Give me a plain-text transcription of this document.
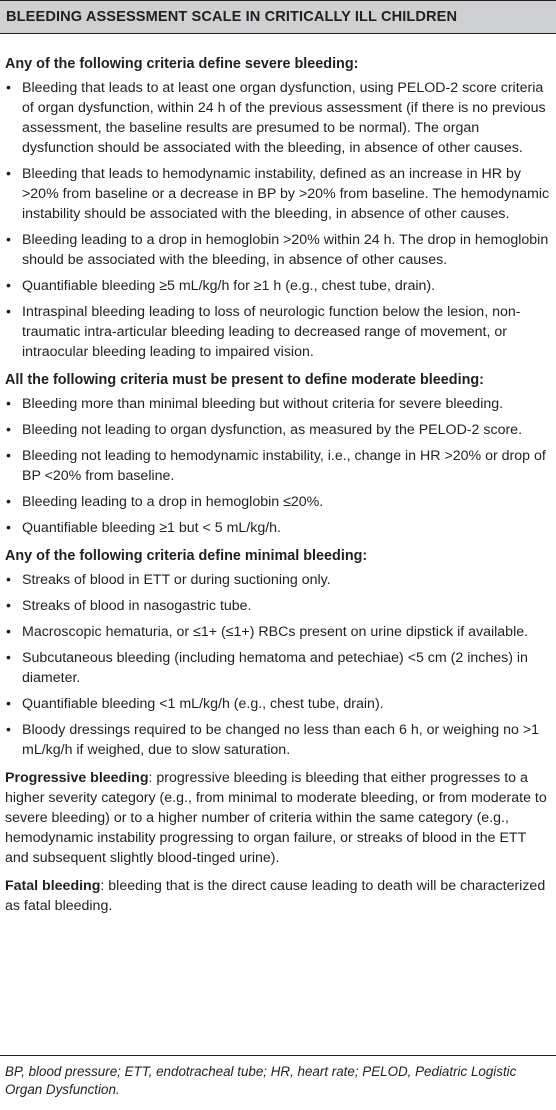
BLEEDING ASSESSMENT SCALE IN CRITICALLY ILL CHILDREN
Any of the following criteria define severe bleeding:
• Bleeding that leads to at least one organ dysfunction, using PELOD-2 score criteria of organ dysfunction, within 24 h of the previous assessment (if there is no previous assessment, the baseline results are presumed to be normal). The organ dysfunction should be associated with the bleeding, in absence of other causes.
• Bleeding that leads to hemodynamic instability, defined as an increase in HR by >20% from baseline or a decrease in BP by >20% from baseline. The hemodynamic instability should be associated with the bleeding, in absence of other causes.
• Bleeding leading to a drop in hemoglobin >20% within 24 h. The drop in hemoglobin should be associated with the bleeding, in absence of other causes.
• Quantifiable bleeding ≥5 mL/kg/h for ≥1 h (e.g., chest tube, drain).
• Intraspinal bleeding leading to loss of neurologic function below the lesion, non-traumatic intra-articular bleeding leading to decreased range of movement, or intraocular bleeding leading to impaired vision.
All the following criteria must be present to define moderate bleeding:
• Bleeding more than minimal bleeding but without criteria for severe bleeding.
• Bleeding not leading to organ dysfunction, as measured by the PELOD-2 score.
• Bleeding not leading to hemodynamic instability, i.e., change in HR >20% or drop of BP <20% from baseline.
• Bleeding leading to a drop in hemoglobin ≤20%.
• Quantifiable bleeding ≥1 but < 5 mL/kg/h.
Any of the following criteria define minimal bleeding:
• Streaks of blood in ETT or during suctioning only.
• Streaks of blood in nasogastric tube.
• Macroscopic hematuria, or ≤1+ (≤1+) RBCs present on urine dipstick if available.
• Subcutaneous bleeding (including hematoma and petechiae) <5 cm (2 inches) in diameter.
• Quantifiable bleeding <1 mL/kg/h (e.g., chest tube, drain).
• Bloody dressings required to be changed no less than each 6 h, or weighing no >1 mL/kg/h if weighed, due to slow saturation.
Progressive bleeding: progressive bleeding is bleeding that either progresses to a higher severity category (e.g., from minimal to moderate bleeding, or from moderate to severe bleeding) or to a higher number of criteria within the same category (e.g., hemodynamic instability progressing to organ failure, or streaks of blood in the ETT and subsequent slightly blood-tinged urine).
Fatal bleeding: bleeding that is the direct cause leading to death will be characterized as fatal bleeding.
BP, blood pressure; ETT, endotracheal tube; HR, heart rate; PELOD, Pediatric Logistic Organ Dysfunction.
